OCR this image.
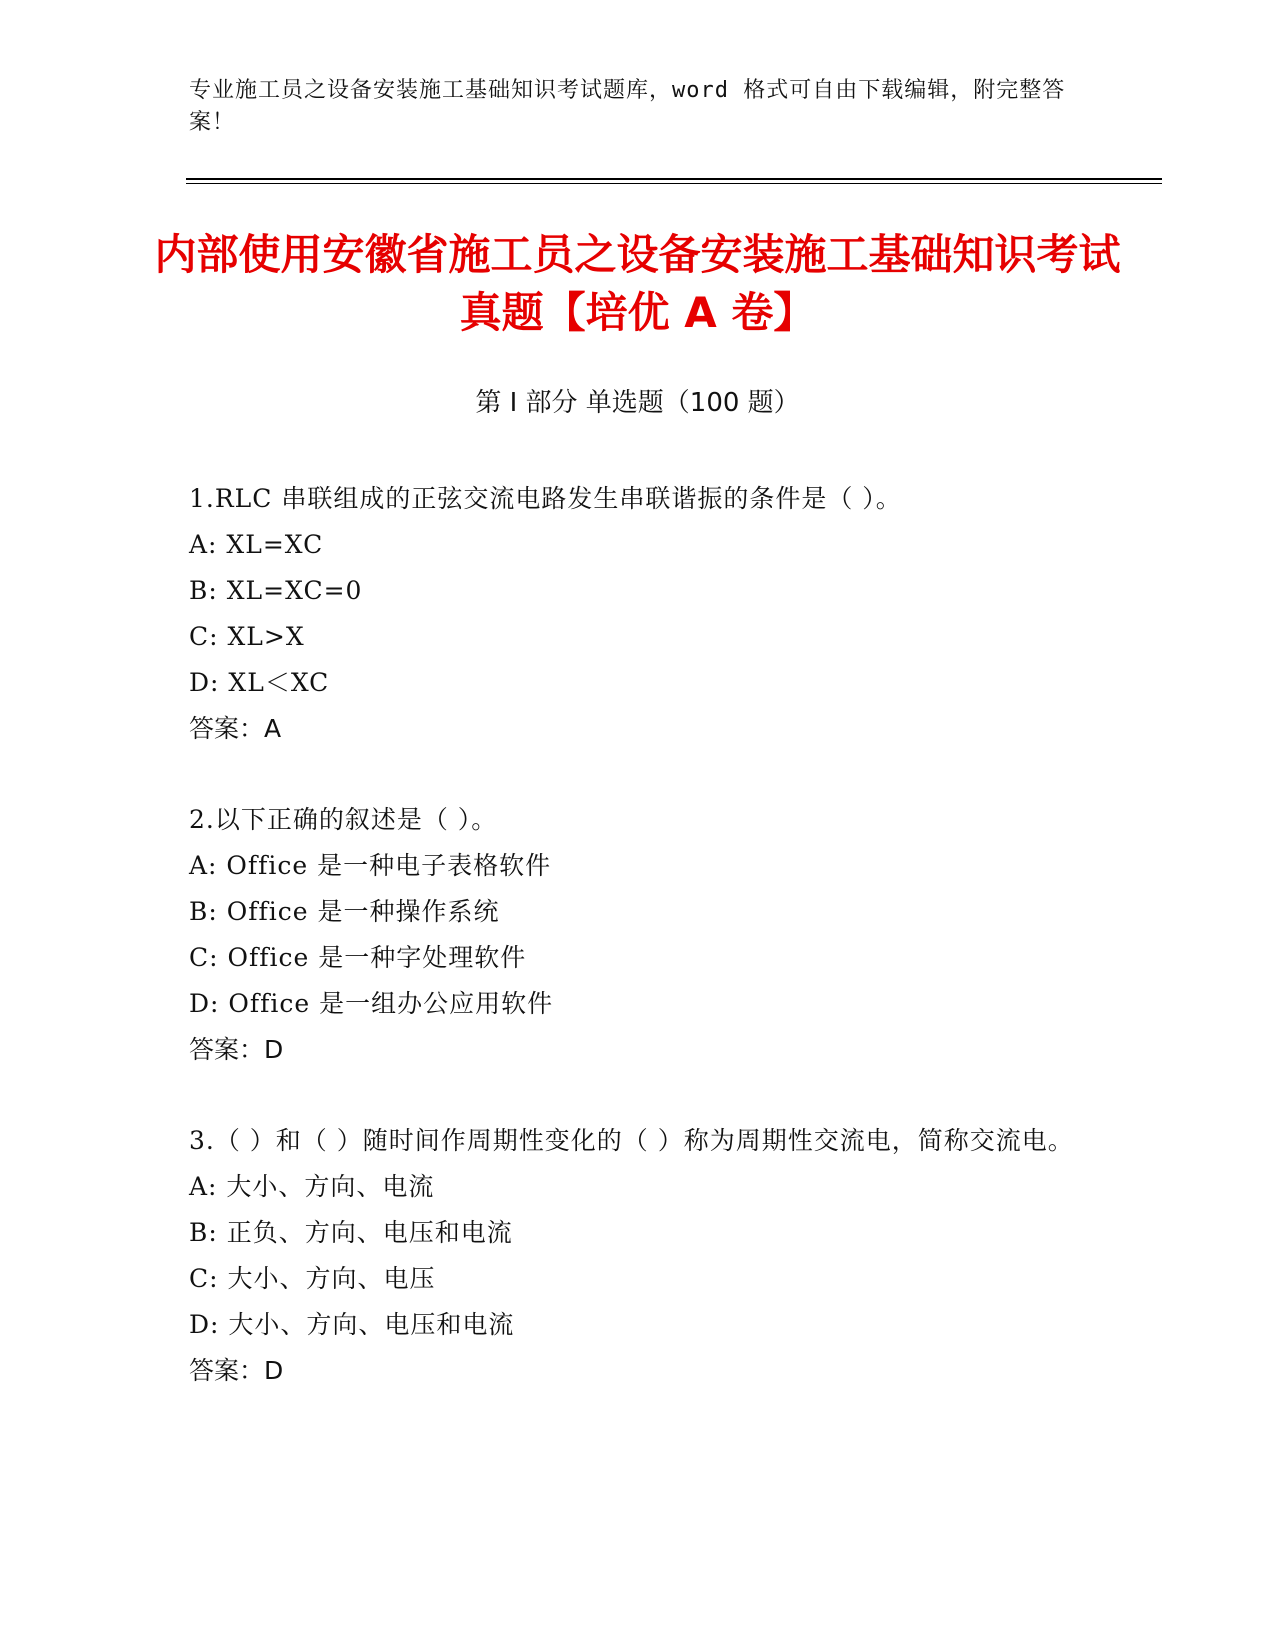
专业施工员之设备安装施工基础知识考试题库，word 格式可自由下载编辑，附完整答案！
内部使用安徽省施工员之设备安装施工基础知识考试真题【培优 A 卷】
第 I 部分 单选题（100 题）
1.RLC 串联组成的正弦交流电路发生串联谐振的条件是（ ）。
A: XL=XC
B: XL=XC=0
C: XL>X
D: XL＜XC
答案：A
2.以下正确的叙述是（ ）。
A: Office 是一种电子表格软件
B: Office 是一种操作系统
C: Office 是一种字处理软件
D: Office 是一组办公应用软件
答案：D
3.（ ）和（ ）随时间作周期性变化的（ ）称为周期性交流电，简称交流电。
A: 大小、方向、电流
B: 正负、方向、电压和电流
C: 大小、方向、电压
D: 大小、方向、电压和电流
答案：D
